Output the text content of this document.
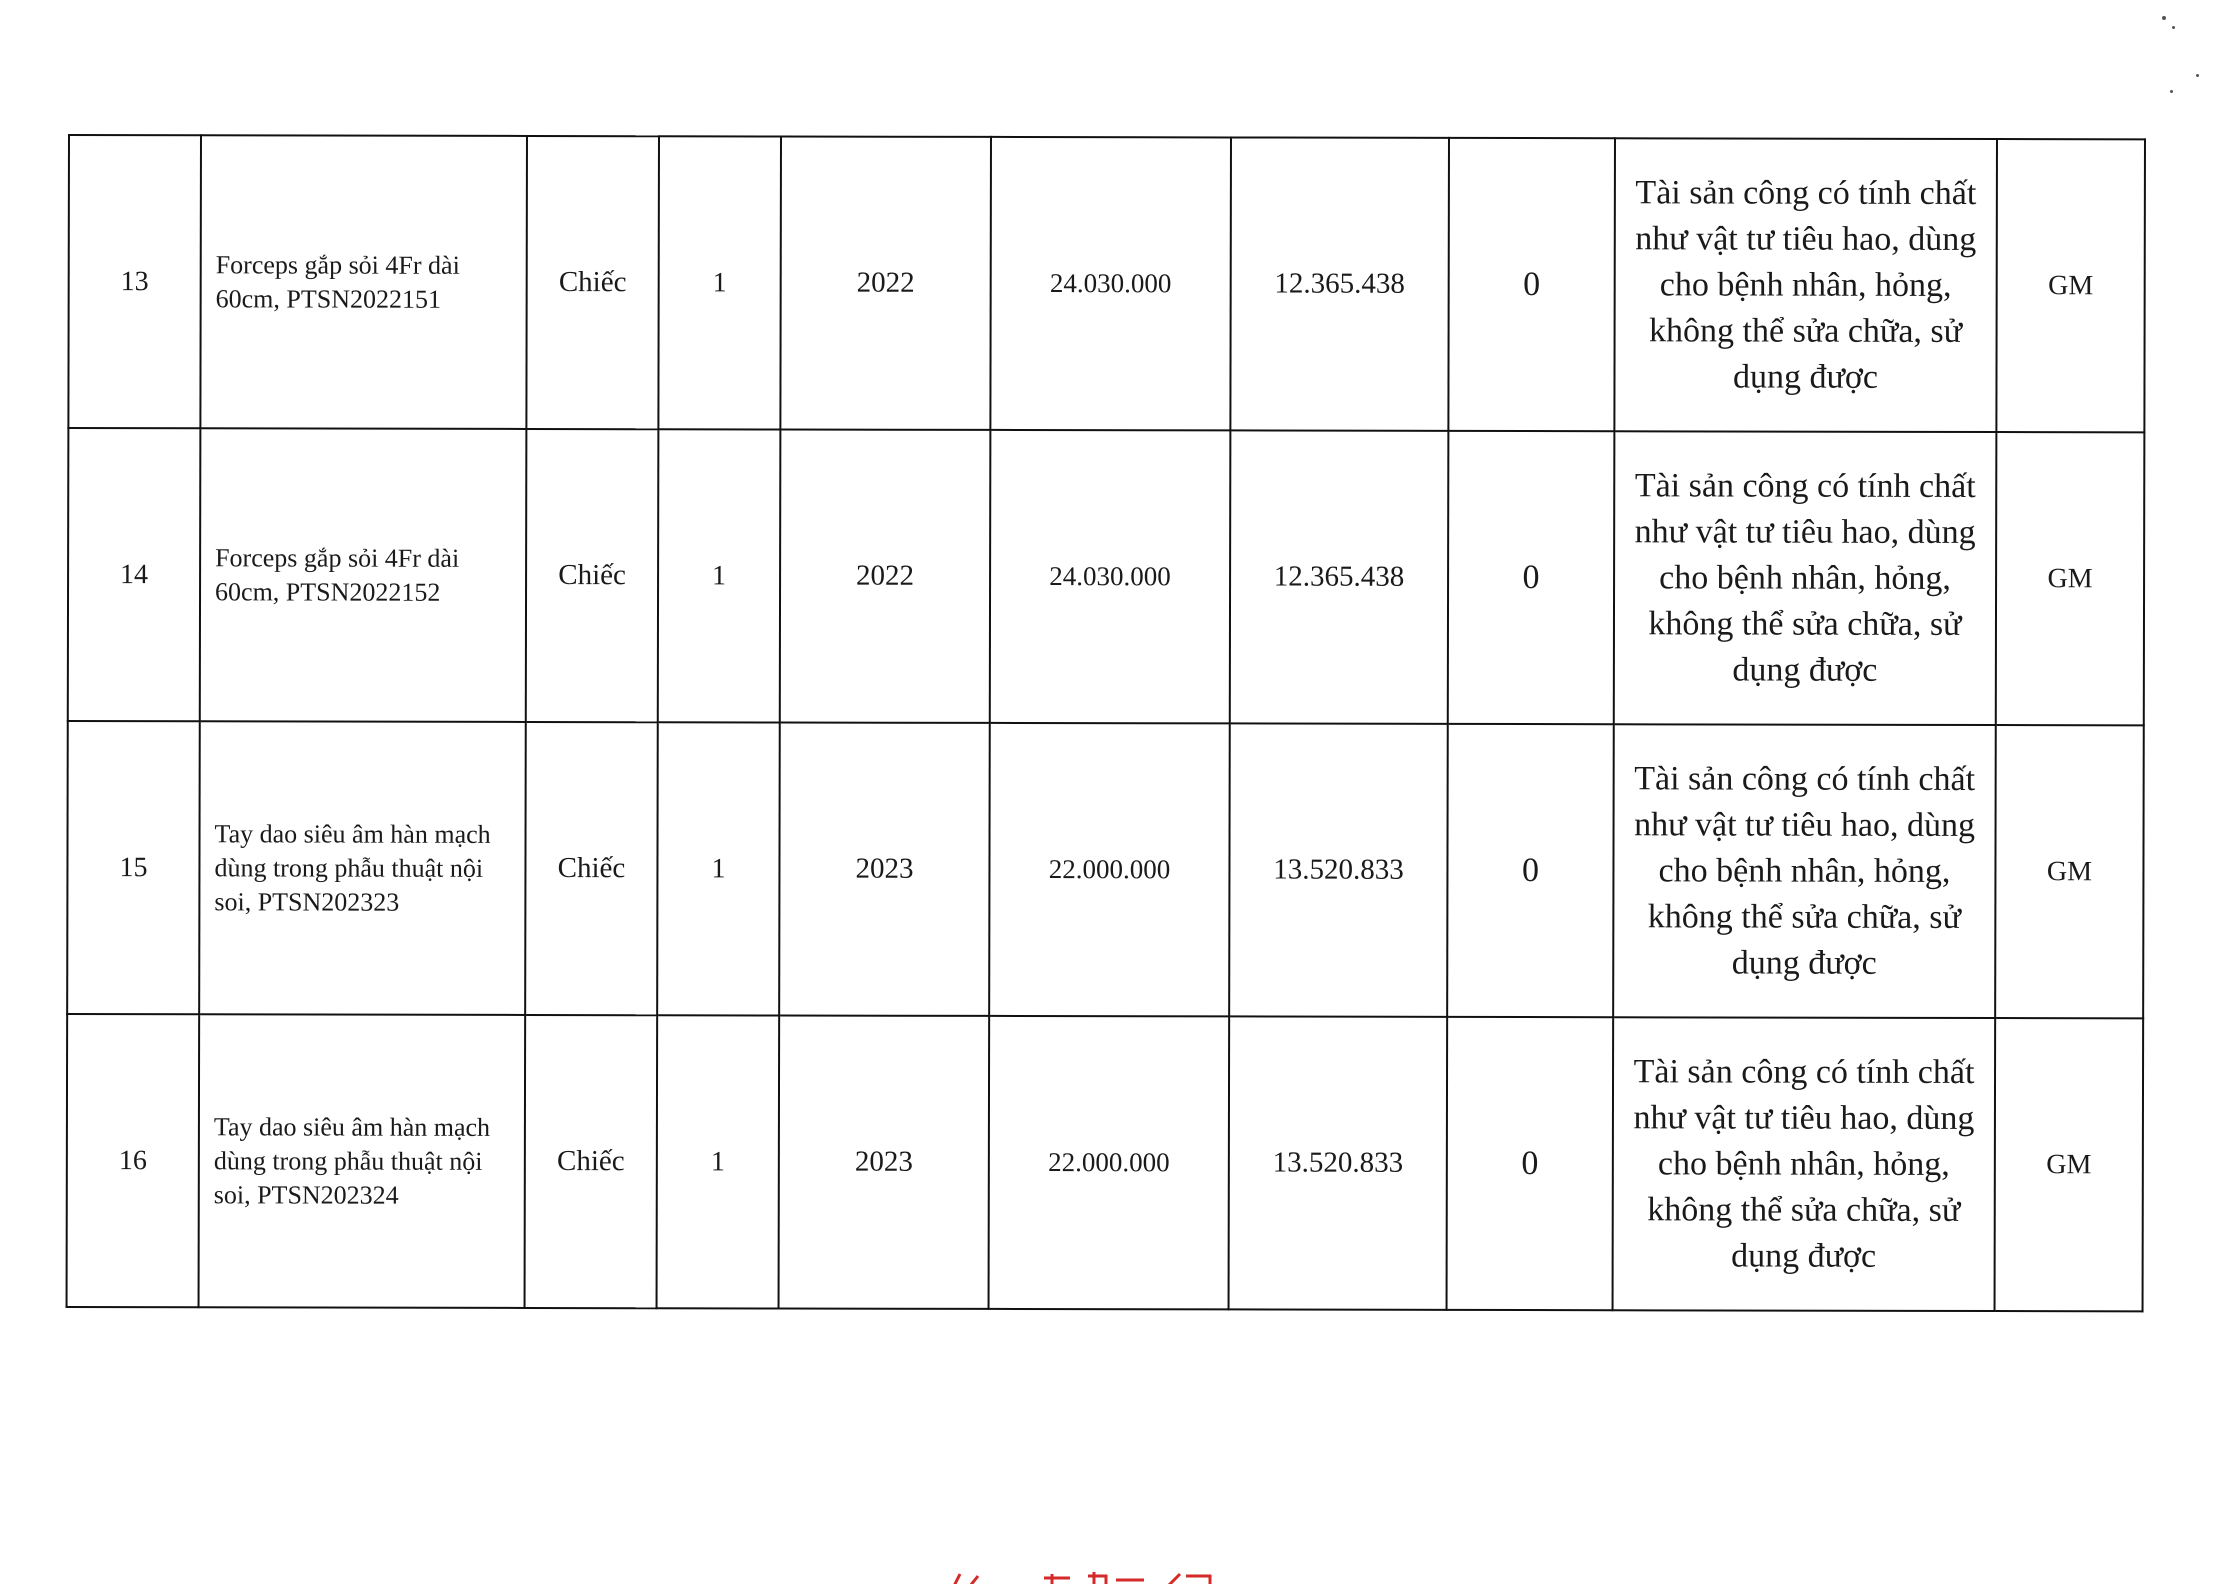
13	Forceps gắp sỏi 4Fr dài 60cm, PTSN2022151	Chiếc	1	2022	24.030.000	12.365.438	0	Tài sản công có tính chất như vật tư tiêu hao, dùng cho bệnh nhân, hỏng, không thể sửa chữa, sử dụng được	GM
14	Forceps gắp sỏi 4Fr dài 60cm, PTSN2022152	Chiếc	1	2022	24.030.000	12.365.438	0	Tài sản công có tính chất như vật tư tiêu hao, dùng cho bệnh nhân, hỏng, không thể sửa chữa, sử dụng được	GM
15	Tay dao siêu âm hàn mạch dùng trong phẫu thuật nội soi, PTSN202323	Chiếc	1	2023	22.000.000	13.520.833	0	Tài sản công có tính chất như vật tư tiêu hao, dùng cho bệnh nhân, hỏng, không thể sửa chữa, sử dụng được	GM
16	Tay dao siêu âm hàn mạch dùng trong phẫu thuật nội soi, PTSN202324	Chiếc	1	2023	22.000.000	13.520.833	0	Tài sản công có tính chất như vật tư tiêu hao, dùng cho bệnh nhân, hỏng, không thể sửa chữa, sử dụng được	GM
